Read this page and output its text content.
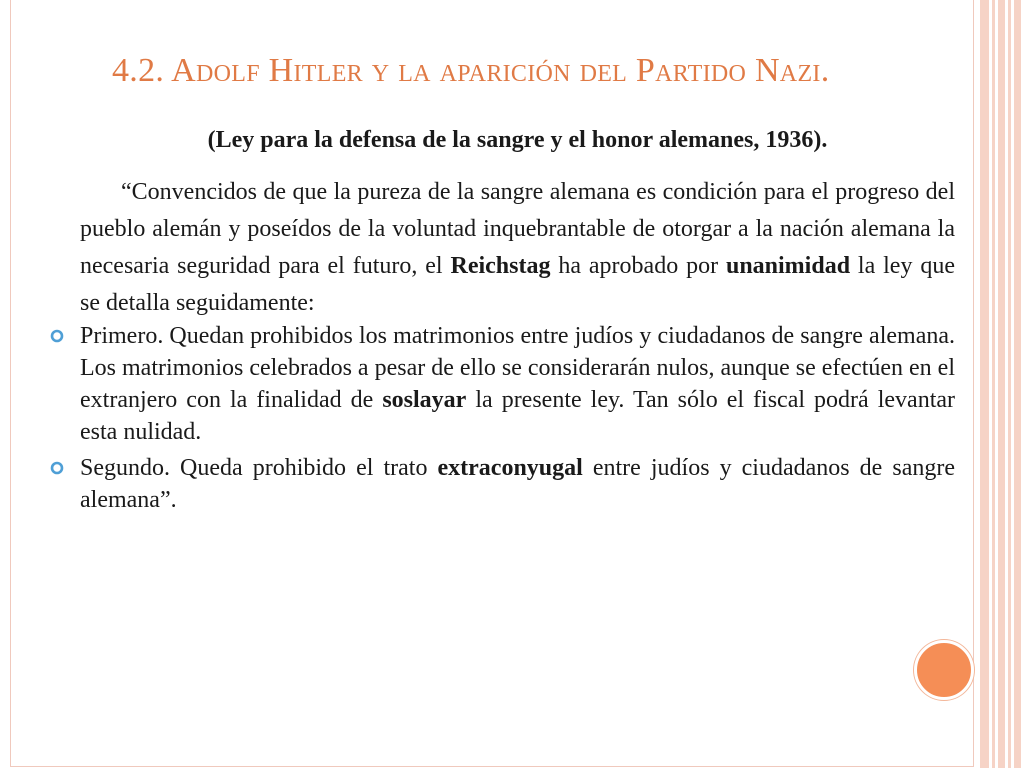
4.2. Adolf Hitler y la aparición del Partido Nazi.

(Ley para la defensa de la sangre y el honor alemanes, 1936).

“Convencidos de que la pureza de la sangre alemana es condición para el progreso del pueblo alemán y poseídos de la voluntad inquebrantable de otorgar a la nación alemana la necesaria seguridad para el futuro, el Reichstag ha aprobado por unanimidad la ley que se detalla seguidamente:

Primero. Quedan prohibidos los matrimonios entre judíos y ciudadanos de sangre alemana. Los matrimonios celebrados a pesar de ello se considerarán nulos, aunque se efectúen en el extranjero con la finalidad de soslayar la presente ley. Tan sólo el fiscal podrá levantar esta nulidad.
Segundo. Queda prohibido el trato extraconyugal entre judíos y ciudadanos de sangre alemana”.
